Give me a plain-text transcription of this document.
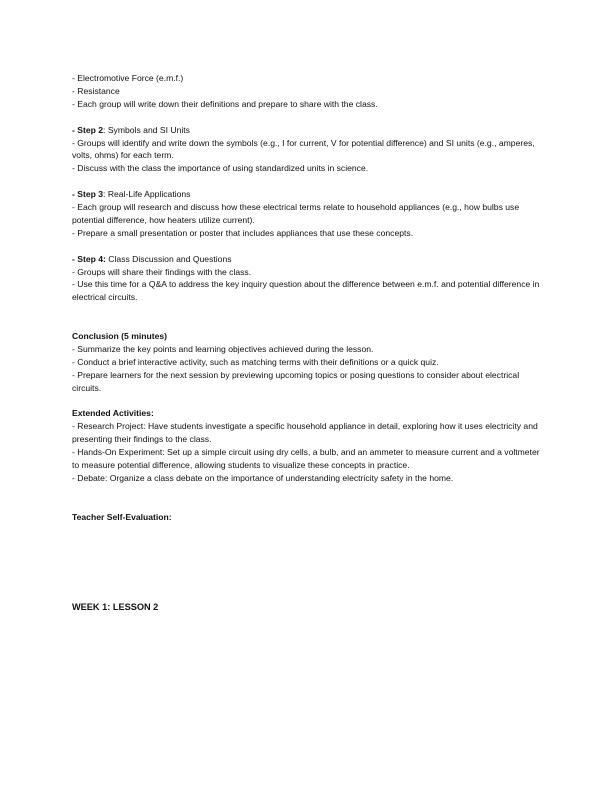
- Electromotive Force (e.m.f.)
- Resistance
- Each group will write down their definitions and prepare to share with the class.
- Step 2: Symbols and SI Units
- Groups will identify and write down the symbols (e.g., I for current, V for potential difference) and SI units (e.g., amperes, volts, ohms) for each term.
- Discuss with the class the importance of using standardized units in science.
- Step 3: Real-Life Applications
- Each group will research and discuss how these electrical terms relate to household appliances (e.g., how bulbs use potential difference, how heaters utilize current).
- Prepare a small presentation or poster that includes appliances that use these concepts.
- Step 4: Class Discussion and Questions
- Groups will share their findings with the class.
- Use this time for a Q&A to address the key inquiry question about the difference between e.m.f. and potential difference in electrical circuits.
Conclusion (5 minutes)
- Summarize the key points and learning objectives achieved during the lesson.
- Conduct a brief interactive activity, such as matching terms with their definitions or a quick quiz.
- Prepare learners for the next session by previewing upcoming topics or posing questions to consider about electrical circuits.
Extended Activities:
- Research Project: Have students investigate a specific household appliance in detail, exploring how it uses electricity and presenting their findings to the class.
- Hands-On Experiment: Set up a simple circuit using dry cells, a bulb, and an ammeter to measure current and a voltmeter to measure potential difference, allowing students to visualize these concepts in practice.
- Debate: Organize a class debate on the importance of understanding electricity safety in the home.
Teacher Self-Evaluation:
WEEK 1: LESSON 2
